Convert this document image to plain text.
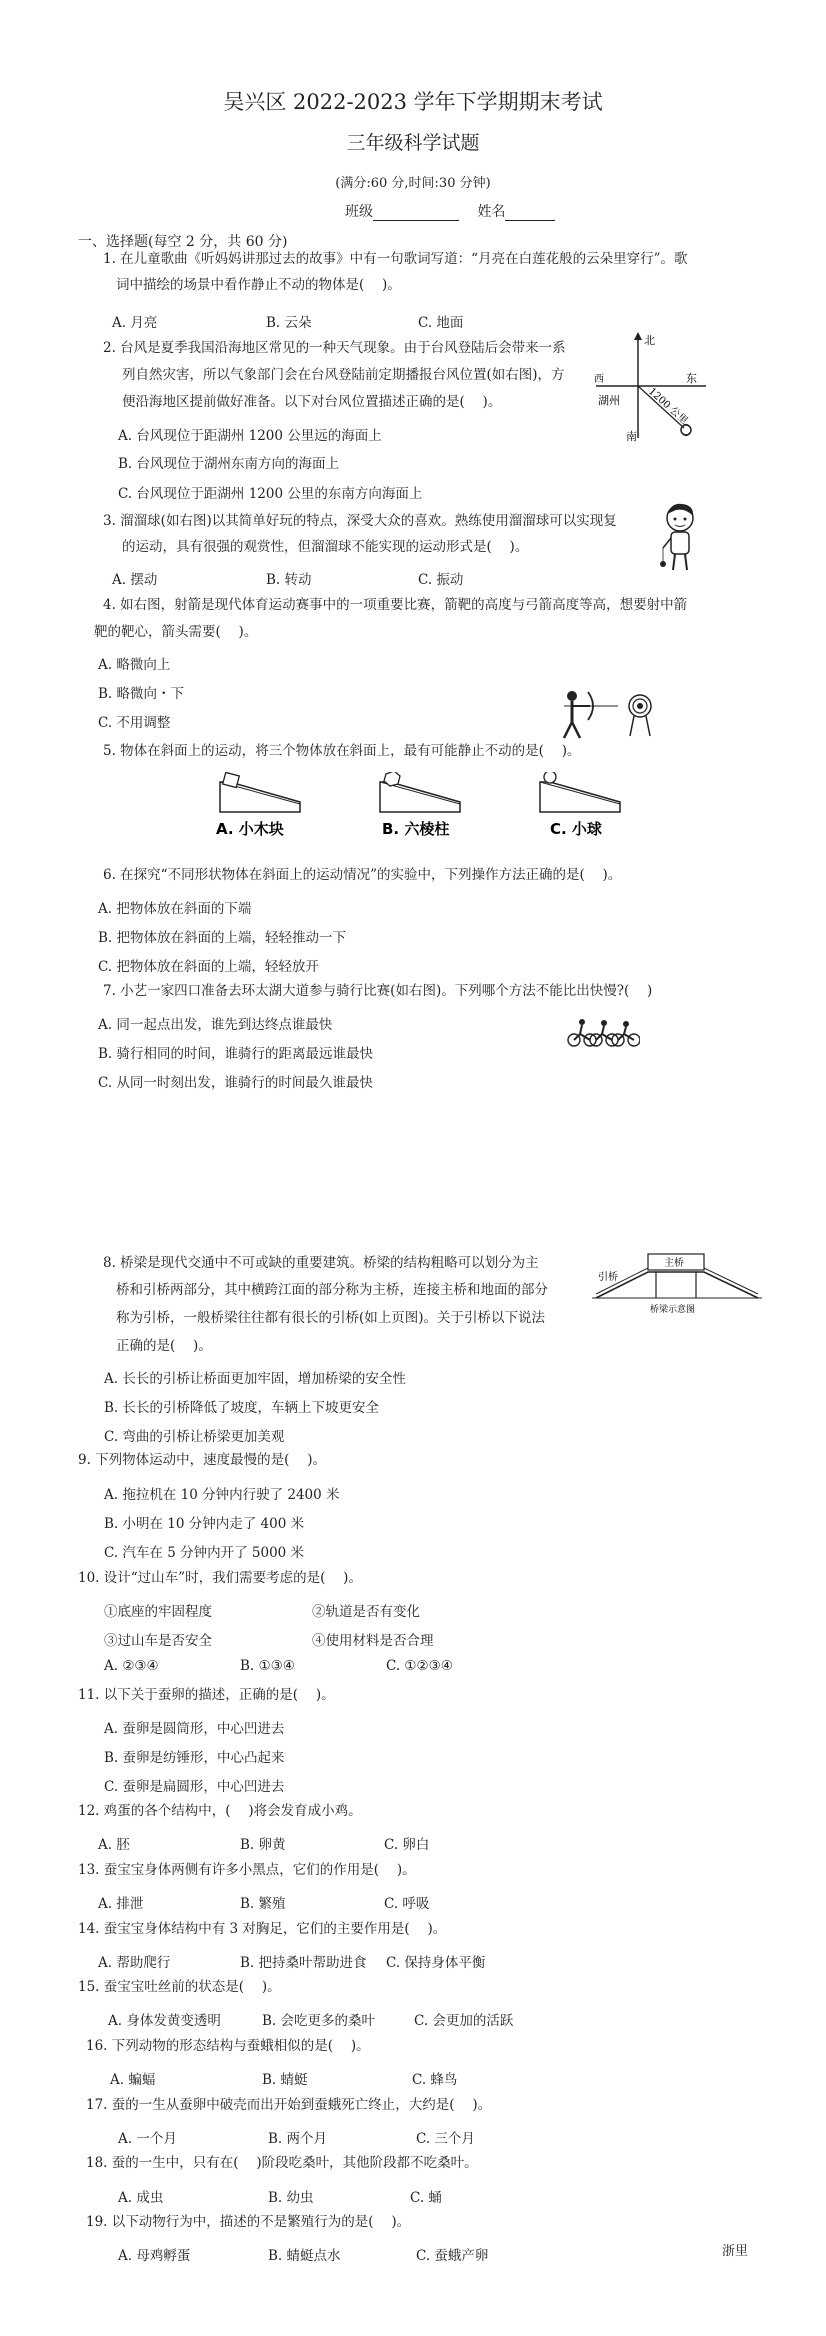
吴兴区 2022-2023 学年下学期期末考试
三年级科学试题
(满分:60 分,时间:30 分钟)
班级	姓名
一、选择题(每空 2 分，共 60 分)
1. 在儿童歌曲《听妈妈讲那过去的故事》中有一句歌词写道：“月亮在白莲花般的云朵里穿行”。歌
词中描绘的场景中看作静止不动的物体是(　 )。
A. 月亮	B. 云朵	C. 地面
2. 台风是夏季我国沿海地区常见的一种天气现象。由于台风登陆后会带来一系
列自然灾害，所以气象部门会在台风登陆前定期播报台风位置(如右图)，方
便沿海地区提前做好准备。以下对台风位置描述正确的是(　 )。
A. 台风现位于距湖州 1200 公里远的海面上
B. 台风现位于湖州东南方向的海面上
C. 台风现位于距湖州 1200 公里的东南方向海面上
北
西	东
南
湖州	1200 公里
3. 溜溜球(如右图)以其简单好玩的特点，深受大众的喜欢。熟练使用溜溜球可以实现复
的运动，具有很强的观赏性，但溜溜球不能实现的运动形式是(　 )。
A. 摆动	B. 转动	C. 振动
4. 如右图，射箭是现代体育运动赛事中的一项重要比赛，箭靶的高度与弓箭高度等高，想要射中箭
靶的靶心，箭头需要(　 )。
A. 略微向上
B. 略微向・下
C. 不用调整
5. 物体在斜面上的运动，将三个物体放在斜面上，最有可能静止不动的是(　 )。
A. 小木块	B. 六棱柱	C. 小球
6. 在探究“不同形状物体在斜面上的运动情况”的实验中，下列操作方法正确的是(　 )。
A. 把物体放在斜面的下端
B. 把物体放在斜面的上端，轻轻推动一下
C. 把物体放在斜面的上端，轻轻放开
7. 小艺一家四口准备去环太湖大道参与骑行比赛(如右图)。下列哪个方法不能比出快慢?(　 )
A. 同一起点出发，谁先到达终点谁最快
B. 骑行相同的时间，谁骑行的距离最远谁最快
C. 从同一时刻出发，谁骑行的时间最久谁最快
8. 桥梁是现代交通中不可或缺的重要建筑。桥梁的结构粗略可以划分为主
桥和引桥两部分，其中横跨江面的部分称为主桥，连接主桥和地面的部分
称为引桥，一般桥梁往往都有很长的引桥(如上页图)。关于引桥以下说法
正确的是(　 )。
A. 长长的引桥让桥面更加牢固，增加桥梁的安全性
B. 长长的引桥降低了坡度，车辆上下坡更安全
C. 弯曲的引桥让桥梁更加美观
引桥
主桥
桥梁示意图
9. 下列物体运动中，速度最慢的是(　 )。
A. 拖拉机在 10 分钟内行驶了 2400 米
B. 小明在 10 分钟内走了 400 米
C. 汽车在 5 分钟内开了 5000 米
10. 设计“过山车”时，我们需要考虑的是(　 )。
①底座的牢固程度	②轨道是否有变化
③过山车是否安全	④使用材料是否合理
A. ②③④	B. ①③④	C. ①②③④
11. 以下关于蚕卵的描述，正确的是(　 )。
A. 蚕卵是圆筒形，中心凹进去
B. 蚕卵是纺锤形，中心凸起来
C. 蚕卵是扁圆形，中心凹进去
12. 鸡蛋的各个结构中，(　 )将会发育成小鸡。
A. 胚	B. 卵黄	C. 卵白
13. 蚕宝宝身体两侧有许多小黑点，它们的作用是(　 )。
A. 排泄	B. 繁殖	C. 呼吸
14. 蚕宝宝身体结构中有 3 对胸足，它们的主要作用是(　 )。
A. 帮助爬行	B. 把持桑叶帮助进食 C. 保持身体平衡
15. 蚕宝宝吐丝前的状态是(　 )。
A. 身体发黄变透明	B. 会吃更多的桑叶	C. 会更加的活跃
16. 下列动物的形态结构与蚕蛾相似的是(　 )。
A. 蝙蝠	B. 蜻蜓	C. 蜂鸟
17. 蚕的一生从蚕卵中破壳而出开始到蚕蛾死亡终止，大约是(　 )。
A. 一个月	B. 两个月	C. 三个月
18. 蚕的一生中，只有在(　 )阶段吃桑叶，其他阶段都不吃桑叶。
A. 成虫	B. 幼虫	C. 蛹
19. 以下动物行为中，描述的不是繁殖行为的是(　 )。
A. 母鸡孵蛋	B. 蜻蜓点水	C. 蚕蛾产卵	浙里
